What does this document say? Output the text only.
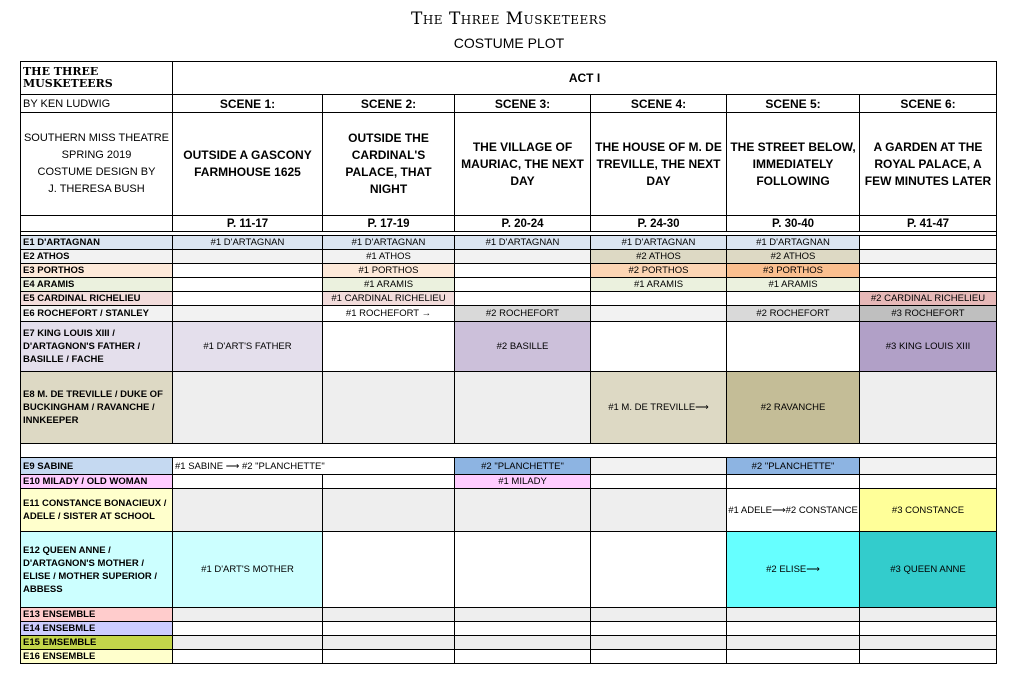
The Three Musketeers
COSTUME PLOT
THE THREE MUSKETEERS	ACT I					
BY KEN LUDWIG	SCENE 1:	SCENE 2:	SCENE 3:	SCENE 4:	SCENE 5:	SCENE 6:

SOUTHERN MISS THEATRE
SPRING 2019
COSTUME DESIGN BY
J. THERESA BUSH	OUTSIDE A GASCONY FARMHOUSE 1625	OUTSIDE THE CARDINAL'S PALACE, THAT NIGHT	THE VILLAGE OF MAURIAC, THE NEXT DAY	THE HOUSE OF M. DE TREVILLE, THE NEXT DAY	THE STREET BELOW, IMMEDIATELY FOLLOWING	A GARDEN AT THE ROYAL PALACE, A FEW MINUTES LATER
	P. 11-17	P. 17-19	P. 20-24	P. 24-30	P. 30-40	P. 41-47

E1 D'ARTAGNAN	#1 D'ARTAGNAN	#1 D'ARTAGNAN	#1 D'ARTAGNAN	#1 D'ARTAGNAN	#1 D'ARTAGNAN	
E2 ATHOS		#1 ATHOS		#2 ATHOS	#2 ATHOS	
E3 PORTHOS		#1 PORTHOS		#2 PORTHOS	#3 PORTHOS	
E4 ARAMIS		#1 ARAMIS		#1 ARAMIS	#1 ARAMIS	
E5 CARDINAL RICHELIEU		#1 CARDINAL RICHELIEU				#2 CARDINAL RICHELIEU
E6 ROCHEFORT / STANLEY		#1 ROCHEFORT →	#2 ROCHEFORT		#2 ROCHEFORT	#3 ROCHEFORT
E7 KING LOUIS XIII / D'ARTAGNON'S FATHER / BASILLE / FACHE	#1 D'ART'S FATHER		#2 BASILLE			#3 KING LOUIS XIII
E8 M. DE TREVILLE / DUKE OF BUCKINGHAM / RAVANCHE / INNKEEPER				#1 M. DE TREVILLE⟶	#2 RAVANCHE	

E9 SABINE	#1 SABINE ⟶ #2 "PLANCHETTE"		#2 "PLANCHETTE"		#2 "PLANCHETTE"	
E10 MILADY / OLD WOMAN			#1 MILADY			
E11 CONSTANCE BONACIEUX / ADELE / SISTER AT SCHOOL					#1 ADELE⟶#2 CONSTANCE	#3 CONSTANCE
E12 QUEEN ANNE / D'ARTAGNON'S MOTHER / ELISE / MOTHER SUPERIOR / ABBESS	#1 D'ART'S MOTHER				#2 ELISE⟶	#3 QUEEN ANNE
E13 ENSEMBLE						
E14 ENSEBMLE						
E15 EMSEMBLE						
E16 ENSEMBLE						
